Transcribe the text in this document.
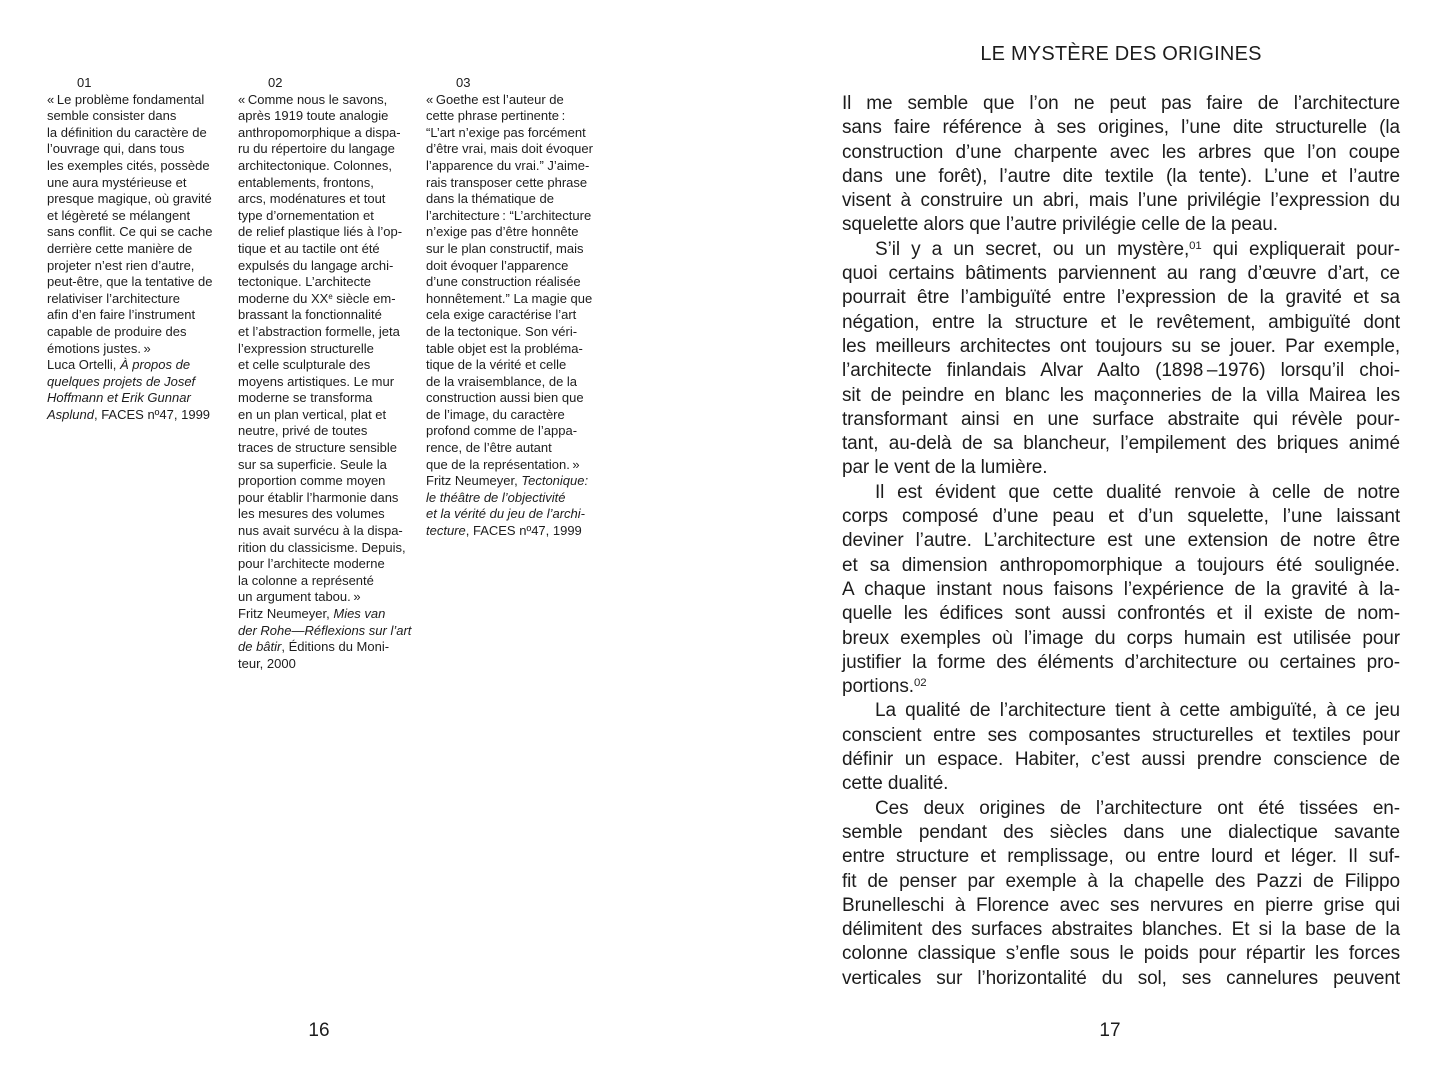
01
« Le problème fondamental
semble consister dans
la définition du caractère de
l’ouvrage qui, dans tous
les exemples cités, possède
une aura mystérieuse et
presque magique, où gravité
et légèreté se mélangent
sans conflit. Ce qui se cache
derrière cette manière de
projeter n’est rien d’autre,
peut-être, que la tentative de
relativiser l’architecture
afin d’en faire l’instrument
capable de produire des
émotions justes. »
Luca Ortelli, À propos de
quelques projets de Josef
Hoffmann et Erik Gunnar
Asplund, FACES nº47, 1999
02
« Comme nous le savons,
après 1919 toute analogie
anthropomorphique a dispa-
ru du répertoire du langage
architectonique. Colonnes,
entablements, frontons,
arcs, modénatures et tout
type d’ornementation et
de relief plastique liés à l’op-
tique et au tactile ont été
expulsés du langage archi-
tectonique. L’architecte
moderne du XXe siècle em-
brassant la fonctionnalité
et l’abstraction formelle, jeta
l’expression structurelle
et celle sculpturale des
moyens artistiques. Le mur
moderne se transforma
en un plan vertical, plat et
neutre, privé de toutes
traces de structure sensible
sur sa superficie. Seule la
proportion comme moyen
pour établir l’harmonie dans
les mesures des volumes
nus avait survécu à la dispa-
rition du classicisme. Depuis,
pour l’architecte moderne
la colonne a représenté
un argument tabou. »
Fritz Neumeyer, Mies van
der Rohe—Réflexions sur l’art
de bâtir, Éditions du Moni-
teur, 2000
03
« Goethe est l’auteur de
cette phrase pertinente :
“L’art n’exige pas forcément
d’être vrai, mais doit évoquer
l’apparence du vrai.” J’aime-
rais transposer cette phrase
dans la thématique de
l’architecture : “L’architecture
n’exige pas d’être honnête
sur le plan constructif, mais
doit évoquer l’apparence
d’une construction réalisée
honnêtement.” La magie que
cela exige caractérise l’art
de la tectonique. Son véri-
table objet est la probléma-
tique de la vérité et celle
de la vraisemblance, de la
construction aussi bien que
de l’image, du caractère
profond comme de l’appa-
rence, de l’être autant
que de la représentation. »
Fritz Neumeyer, Tectonique:
le théâtre de l’objectivité
et la vérité du jeu de l’archi-
tecture, FACES nº47, 1999
LE MYSTÈRE DES ORIGINES
Il me semble que l’on ne peut pas faire de l’architecture
sans faire référence à ses origines, l’une dite structurelle (la
construction d’une charpente avec les arbres que l’on coupe
dans une forêt), l’autre dite textile (la tente). L’une et l’autre
visent à construire un abri, mais l’une privilégie l’expression du
squelette alors que l’autre privilégie celle de la peau.
S’il y a un secret, ou un mystère,$^{01}$ qui expliquerait pour-
quoi certains bâtiments parviennent au rang d’œuvre d’art, ce
pourrait être l’ambiguïté entre l’expression de la gravité et sa
négation, entre la structure et le revêtement, ambiguïté dont
les meilleurs architectes ont toujours su se jouer. Par exemple,
l’architecte finlandais Alvar Aalto (1898 –1976) lorsqu’il choi-
sit de peindre en blanc les maçonneries de la villa Mairea les
transformant ainsi en une surface abstraite qui révèle pour-
tant, au-delà de sa blancheur, l’empilement des briques animé
par le vent de la lumière.
Il est évident que cette dualité renvoie à celle de notre
corps composé d’une peau et d’un squelette, l’une laissant
deviner l’autre. L’architecture est une extension de notre être
et sa dimension anthropomorphique a toujours été soulignée.
A chaque instant nous faisons l’expérience de la gravité à la-
quelle les édifices sont aussi confrontés et il existe de nom-
breux exemples où l’image du corps humain est utilisée pour
justifier la forme des éléments d’architecture ou certaines pro-
portions.$^{02}$
La qualité de l’architecture tient à cette ambiguïté, à ce jeu
conscient entre ses composantes structurelles et textiles pour
définir un espace. Habiter, c’est aussi prendre conscience de
cette dualité.
Ces deux origines de l’architecture ont été tissées en-
semble pendant des siècles dans une dialectique savante
entre structure et remplissage, ou entre lourd et léger. Il suf-
fit de penser par exemple à la chapelle des Pazzi de Filippo
Brunelleschi à Florence avec ses nervures en pierre grise qui
délimitent des surfaces abstraites blanches. Et si la base de la
colonne classique s’enfle sous le poids pour répartir les forces
verticales sur l’horizontalité du sol, ses cannelures peuvent
16	17
